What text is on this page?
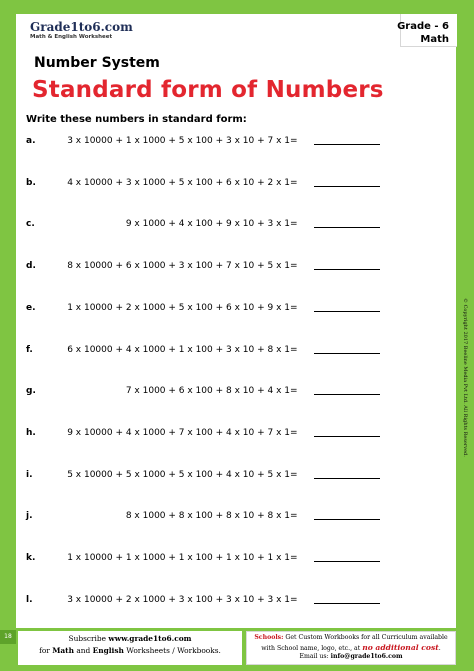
Grade1to6.com
Math & English Worksheet
Grade - 6
Math
Number System
Standard form of Numbers
Write these numbers in standard form:
a.	3 x 10000 + 1 x 1000 + 5 x 100 + 3 x 10 + 7 x 1 =
b.	4 x 10000 + 3 x 1000 + 5 x 100 + 6 x 10 + 2 x 1 =
c.	9 x 1000 + 4 x 100 + 9 x 10 + 3 x 1 =
d.	8 x 10000 + 6 x 1000 + 3 x 100 + 7 x 10 + 5 x 1 =
e.	1 x 10000 + 2 x 1000 + 5 x 100 + 6 x 10 + 9 x 1 =
f.	6 x 10000 + 4 x 1000 + 1 x 100 + 3 x 10 + 8 x 1 =
g.	7 x 1000 + 6 x 100 + 8 x 10 + 4 x 1 =
h.	9 x 10000 + 4 x 1000 + 7 x 100 + 4 x 10 + 7 x 1 =
i.	5 x 10000 + 5 x 1000 + 5 x 100 + 4 x 10 + 5 x 1 =
j.	8 x 1000 + 8 x 100 + 8 x 10 + 8 x 1 =
k.	1 x 10000 + 1 x 1000 + 1 x 100 + 1 x 10 + 1 x 1 =
l.	3 x 10000 + 2 x 1000 + 3 x 100 + 3 x 10 + 3 x 1 =
© Copyright 2017 Beeline Media Pvt Ltd. All Rights Reserved.
18	Subscribe www.grade1to6.com
for Math and English Worksheets / Workbooks.
Schools: Get Custom Workbooks for all Curriculum available
with School name, logo, etc., at no additional cost.
Email us: info@grade1to6.com
